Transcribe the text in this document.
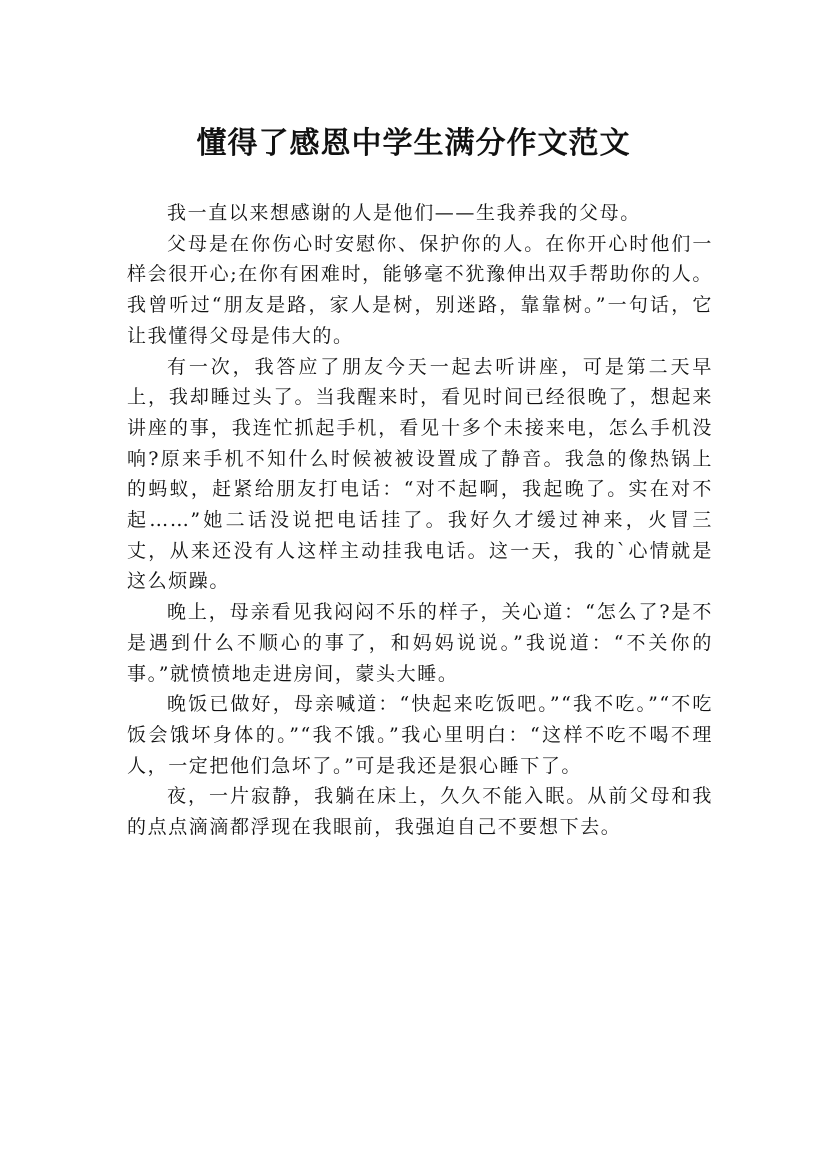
懂得了感恩中学生满分作文范文

我一直以来想感谢的人是他们——生我养我的父母。

父母是在你伤心时安慰你、保护你的人。在你开心时他们一样会很开心;在你有困难时，能够毫不犹豫伸出双手帮助你的人。我曾听过“朋友是路，家人是树，别迷路，靠靠树。”一句话，它让我懂得父母是伟大的。

有一次，我答应了朋友今天一起去听讲座，可是第二天早上，我却睡过头了。当我醒来时，看见时间已经很晚了，想起来讲座的事，我连忙抓起手机，看见十多个未接来电，怎么手机没响?原来手机不知什么时候被被设置成了静音。我急的像热锅上的蚂蚁，赶紧给朋友打电话：“对不起啊，我起晚了。实在对不起……”她二话没说把电话挂了。我好久才缓过神来，火冒三丈，从来还没有人这样主动挂我电话。这一天，我的`心情就是这么烦躁。

晚上，母亲看见我闷闷不乐的样子，关心道：“怎么了?是不是遇到什么不顺心的事了，和妈妈说说。”我说道：“不关你的事。”就愤愤地走进房间，蒙头大睡。

晚饭已做好，母亲喊道：“快起来吃饭吧。”“我不吃。”“不吃饭会饿坏身体的。”“我不饿。”我心里明白：“这样不吃不喝不理人，一定把他们急坏了。”可是我还是狠心睡下了。

夜，一片寂静，我躺在床上，久久不能入眠。从前父母和我的点点滴滴都浮现在我眼前，我强迫自己不要想下去。
